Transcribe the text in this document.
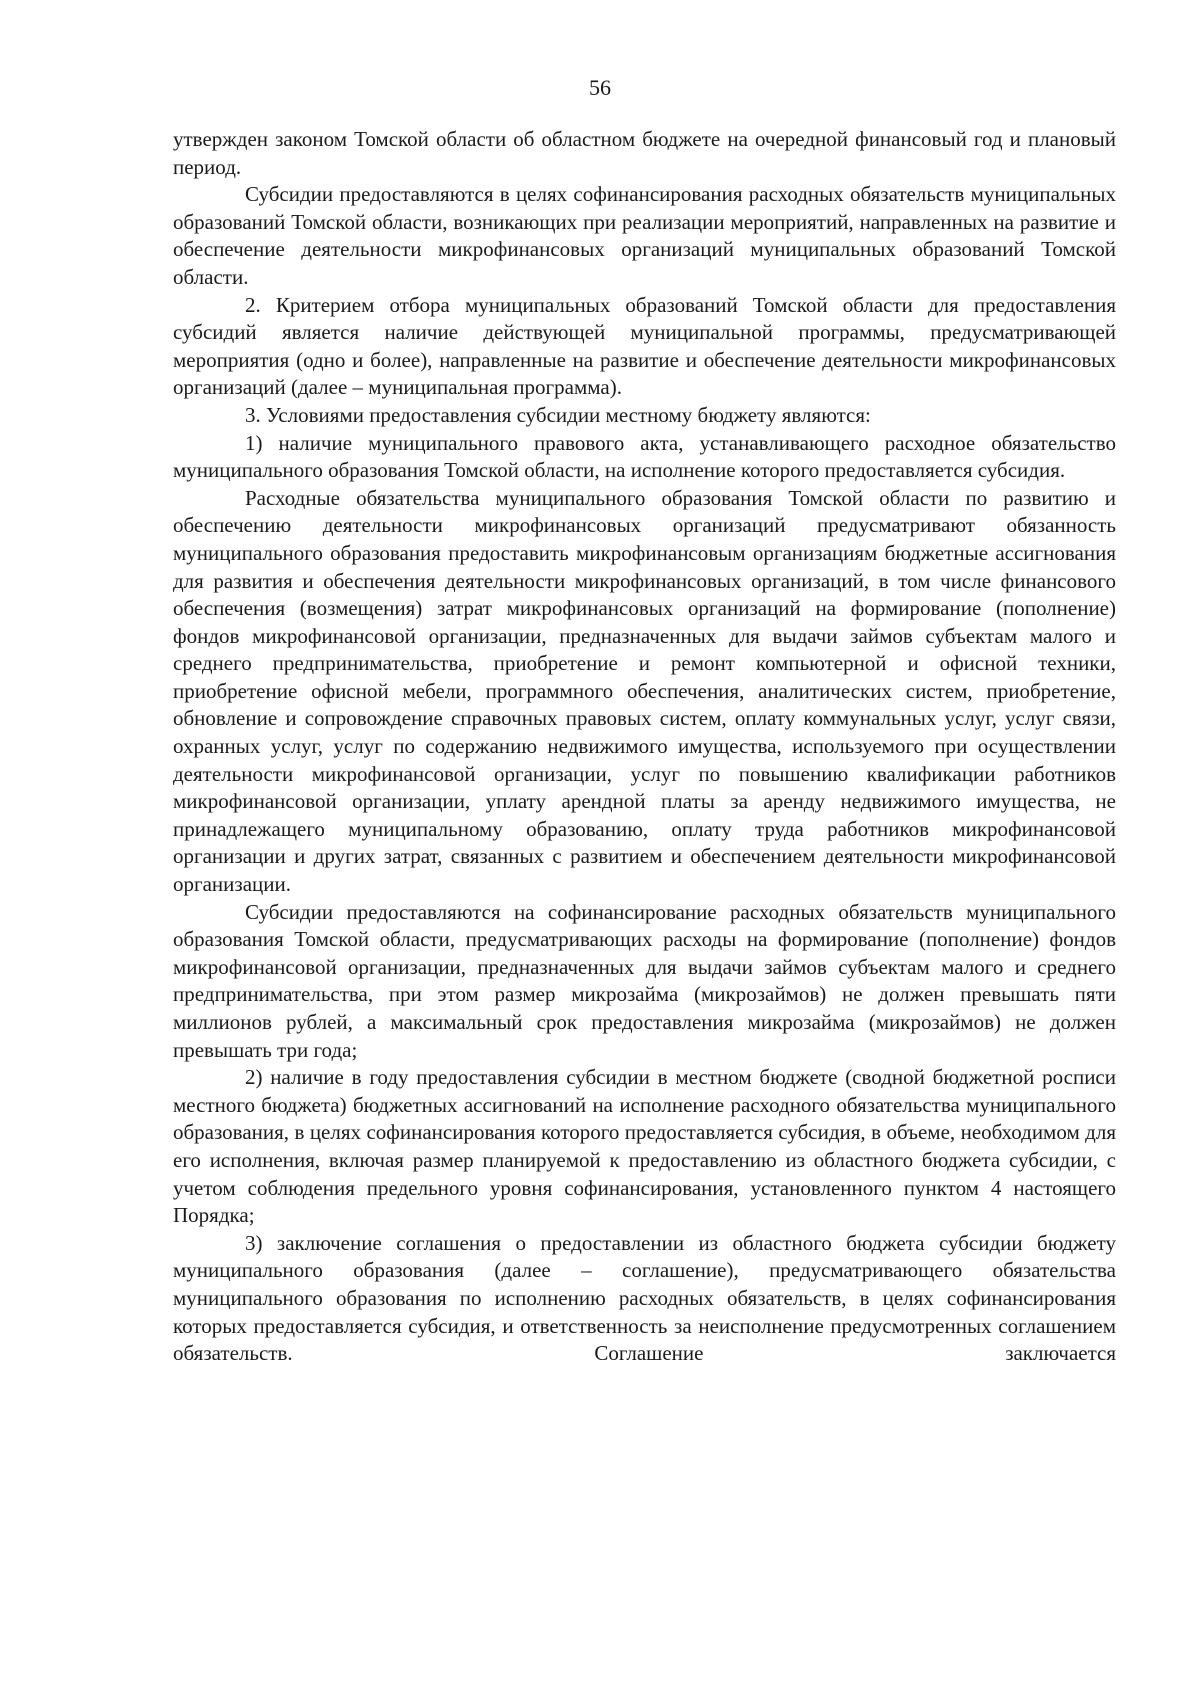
56

утвержден законом Томской области об областном бюджете на очередной финансовый год и плановый период.

Субсидии предоставляются в целях софинансирования расходных обязательств муниципальных образований Томской области, возникающих при реализации мероприятий, направленных на развитие и обеспечение деятельности микрофинансовых организаций муниципальных образований Томской области.

2. Критерием отбора муниципальных образований Томской области для предоставления субсидий является наличие действующей муниципальной программы, предусматривающей мероприятия (одно и более), направленные на развитие и обеспечение деятельности микрофинансовых организаций (далее – муниципальная программа).

3. Условиями предоставления субсидии местному бюджету являются:

1) наличие муниципального правового акта, устанавливающего расходное обязательство муниципального образования Томской области, на исполнение которого предоставляется субсидия.

Расходные обязательства муниципального образования Томской области по развитию и обеспечению деятельности микрофинансовых организаций предусматривают обязанность муниципального образования предоставить микрофинансовым организациям бюджетные ассигнования для развития и обеспечения деятельности микрофинансовых организаций, в том числе финансового обеспечения (возмещения) затрат микрофинансовых организаций на формирование (пополнение) фондов микрофинансовой организации, предназначенных для выдачи займов субъектам малого и среднего предпринимательства, приобретение и ремонт компьютерной и офисной техники, приобретение офисной мебели, программного обеспечения, аналитических систем, приобретение, обновление и сопровождение справочных правовых систем, оплату коммунальных услуг, услуг связи, охранных услуг, услуг по содержанию недвижимого имущества, используемого при осуществлении деятельности микрофинансовой организации, услуг по повышению квалификации работников микрофинансовой организации, уплату арендной платы за аренду недвижимого имущества, не принадлежащего муниципальному образованию, оплату труда работников микрофинансовой организации и других затрат, связанных с развитием и обеспечением деятельности микрофинансовой организации.

Субсидии предоставляются на софинансирование расходных обязательств муниципального образования Томской области, предусматривающих расходы на формирование (пополнение) фондов микрофинансовой организации, предназначенных для выдачи займов субъектам малого и среднего предпринимательства, при этом размер микрозайма (микрозаймов) не должен превышать пяти миллионов рублей, а максимальный срок предоставления микрозайма (микрозаймов) не должен превышать три года;

2) наличие в году предоставления субсидии в местном бюджете (сводной бюджетной росписи местного бюджета) бюджетных ассигнований на исполнение расходного обязательства муниципального образования, в целях софинансирования которого предоставляется субсидия, в объеме, необходимом для его исполнения, включая размер планируемой к предоставлению из областного бюджета субсидии, с учетом соблюдения предельного уровня софинансирования, установленного пунктом 4 настоящего Порядка;

3) заключение соглашения о предоставлении из областного бюджета субсидии бюджету муниципального образования (далее – соглашение), предусматривающего обязательства муниципального образования по исполнению расходных обязательств, в целях софинансирования которых предоставляется субсидия, и ответственность за неисполнение предусмотренных соглашением обязательств. Соглашение заключается
